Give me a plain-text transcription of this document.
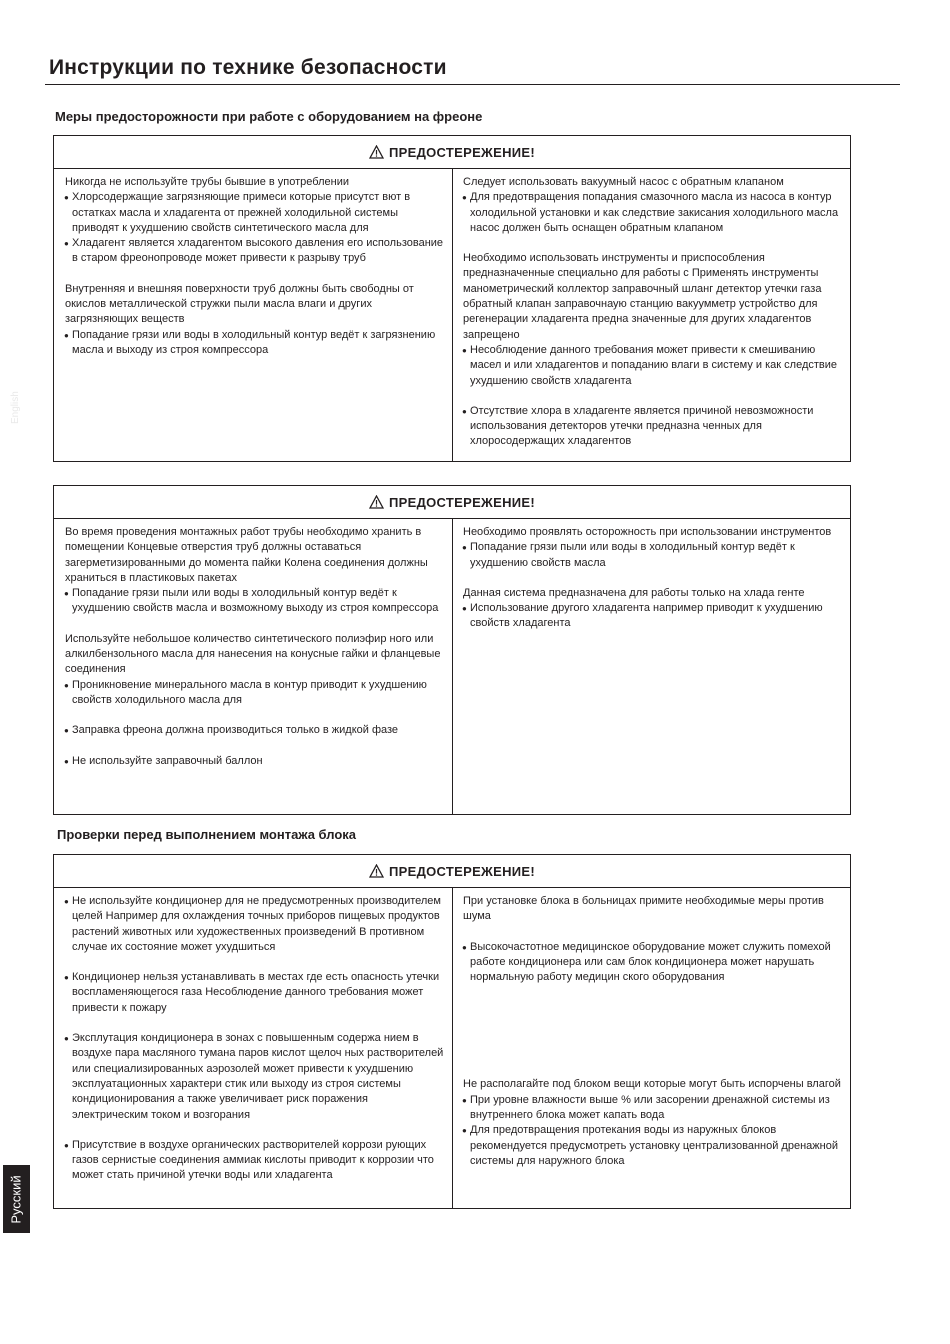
Инструкции по технике безопасности
English
Меры предосторожности при работе с оборудованием на фреоне
ПРЕДОСТЕРЕЖЕНИЕ!
Никогда не используйте трубы бывшие в употреблении
● Хлорсодержащие загрязняющие примеси которые присутст вют в остатках масла и хладагента от прежней холодильной системы приводят к ухудшению свойств синтетического масла для
● Хладагент является хладагентом высокого давления его использование в старом фреонопроводе может привести к разрыву труб
Внутренняя и внешняя поверхности труб должны быть свободны от окислов металлической стружки пыли масла влаги и других загрязняющих веществ
● Попадание грязи или воды в холодильный контур ведёт к загрязнению масла и выходу из строя компрессора
Следует использовать вакуумный насос с обратным клапаном
● Для предотвращения попадания смазочного масла из насоса в контур холодильной установки и как следствие закисания холодильного масла насос должен быть оснащен обратным клапаном
Необходимо использовать инструменты и приспособления предназначенные специально для работы с Применять инструменты манометрический коллектор заправочный шланг детектор утечки газа обратный клапан заправочнаую станцию вакуумметр устройство для регенерации хладагента предна значенные для других хладагентов запрещено
● Несоблюдение данного требования может привести к смешиванию масел и или хладагентов и попаданию влаги в систему и как следствие ухудшению свойств хладагента
● Отсутствие хлора в хладагенте является причиной невозможности использования детекторов утечки предназна ченных для хлоросодержащих хладагентов
ПРЕДОСТЕРЕЖЕНИЕ!
Во время проведения монтажных работ трубы необходимо хранить в помещении Концевые отверстия труб должны оставаться загерметизированными до момента пайки Колена соединения должны храниться в пластиковых пакетах
● Попадание грязи пыли или воды в холодильный контур ведёт к ухудшению свойств масла и возможному выходу из строя компрессора
Используйте небольшое количество синтетического полиэфир ного или алкилбензольного масла для нанесения на конусные гайки и фланцевые соединения
● Проникновение минерального масла в контур приводит к ухудшению свойств холодильного масла для
● Заправка фреона должна производиться только в жидкой фазе
● Не используйте заправочный баллон
Необходимо проявлять осторожность при использовании инструментов
● Попадание грязи пыли или воды в холодильный контур ведёт к ухудшению свойств масла
Данная система предназначена для работы только на хлада генте
● Использование другого хладагента например приводит к ухудшению свойств хладагента
Проверки перед выполнением монтажа блока
ПРЕДОСТЕРЕЖЕНИЕ!
● Не используйте кондиционер для не предусмотренных производителем целей Например для охлаждения точных приборов пищевых продуктов растений животных или художественных произведений В противном случае их состояние может ухудшиться
● Кондиционер нельзя устанавливать в местах где есть опасность утечки воспламеняющегося газа Несоблюдение данного требования может привести к пожару
● Эксплутация кондиционера в зонах с повышенным содержа нием в воздухе пара масляного тумана паров кислот щелоч ных растворителей или специализированных аэрозолей может привести к ухудшению эксплуатационных характери стик или выходу из строя системы кондиционирования а также увеличивает риск поражения электрическим током и возгорания
● Присутствие в воздухе органических растворителей коррози рующих газов сернистые соединения аммиак кислоты приводит к коррозии что может стать причиной утечки воды или хладагента
При установке блока в больницах примите необходимые меры против шума
● Высокочастотное медицинское оборудование может служить помехой работе кондиционера или сам блок кондиционера может нарушать нормальную работу медицин ского оборудования
Не располагайте под блоком вещи которые могут быть испорчены влагой
● При уровне влажности выше % или засорении дренажной системы из внутреннего блока может капать вода
● Для предотвращения протекания воды из наружных блоков рекомендуется предусмотреть установку централизованной дренажной системы для наружного блока
Русский
